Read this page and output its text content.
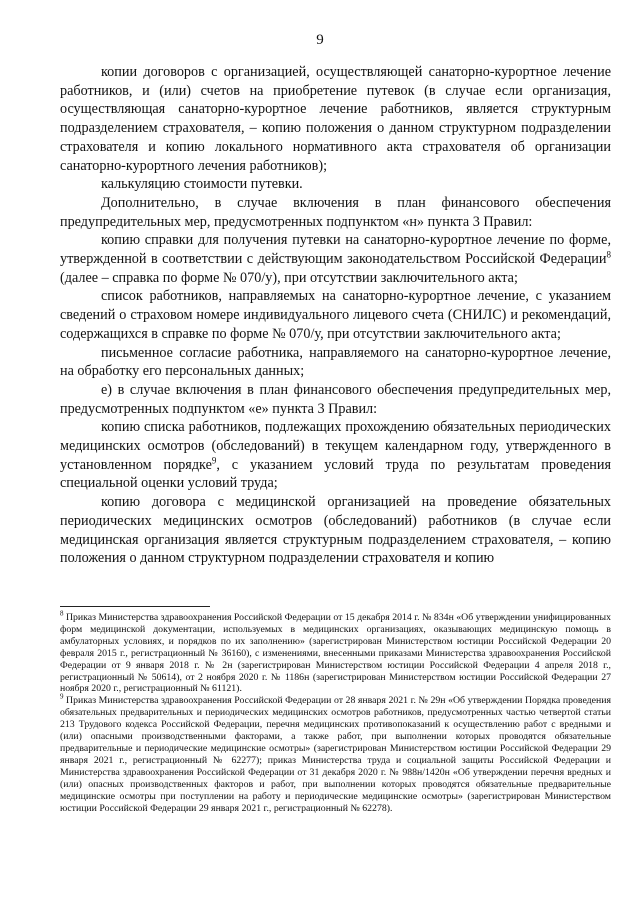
9

копии договоров с организацией, осуществляющей санаторно-курортное лечение работников, и (или) счетов на приобретение путевок (в случае если организация, осуществляющая санаторно-курортное лечение работников, является структурным подразделением страхователя, – копию положения о данном структурном подразделении страхователя и копию локального нормативного акта страхователя об организации санаторно-курортного лечения работников);

калькуляцию стоимости путевки.

Дополнительно, в случае включения в план финансового обеспечения предупредительных мер, предусмотренных подпунктом «н» пункта 3 Правил:

копию справки для получения путевки на санаторно-курортное лечение по форме, утвержденной в соответствии с действующим законодательством Российской Федерации$^8$ (далее – справка по форме № 070/у), при отсутствии заключительного акта;

список работников, направляемых на санаторно-курортное лечение, с указанием сведений о страховом номере индивидуального лицевого счета (СНИЛС) и рекомендаций, содержащихся в справке по форме № 070/у, при отсутствии заключительного акта;

письменное согласие работника, направляемого на санаторно-курортное лечение, на обработку его персональных данных;

е) в случае включения в план финансового обеспечения предупредительных мер, предусмотренных подпунктом «е» пункта 3 Правил:

копию списка работников, подлежащих прохождению обязательных периодических медицинских осмотров (обследований) в текущем календарном году, утвержденного в установленном порядке$^9$, с указанием условий труда по результатам проведения специальной оценки условий труда;

копию договора с медицинской организацией на проведение обязательных периодических медицинских осмотров (обследований) работников (в случае если медицинская организация является структурным подразделением страхователя, – копию положения о данном структурном подразделении страхователя и копию

$^8$ Приказ Министерства здравоохранения Российской Федерации от 15 декабря 2014 г. № 834н «Об утверждении унифицированных форм медицинской документации, используемых в медицинских организациях, оказывающих медицинскую помощь в амбулаторных условиях, и порядков по их заполнению» (зарегистрирован Министерством юстиции Российской Федерации 20 февраля 2015 г., регистрационный № 36160), с изменениями, внесенными приказами Министерства здравоохранения Российской Федерации от 9 января 2018 г. № 2н (зарегистрирован Министерством юстиции Российской Федерации 4 апреля 2018 г., регистрационный № 50614), от 2 ноября 2020 г. № 1186н (зарегистрирован Министерством юстиции Российской Федерации 27 ноября 2020 г., регистрационный № 61121).

$^9$ Приказ Министерства здравоохранения Российской Федерации от 28 января 2021 г. № 29н «Об утверждении Порядка проведения обязательных предварительных и периодических медицинских осмотров работников, предусмотренных частью четвертой статьи 213 Трудового кодекса Российской Федерации, перечня медицинских противопоказаний к осуществлению работ с вредными и (или) опасными производственными факторами, а также работ, при выполнении которых проводятся обязательные предварительные и периодические медицинские осмотры» (зарегистрирован Министерством юстиции Российской Федерации 29 января 2021 г., регистрационный № 62277); приказ Министерства труда и социальной защиты Российской Федерации и Министерства здравоохранения Российской Федерации от 31 декабря 2020 г. № 988н/1420н «Об утверждении перечня вредных и (или) опасных производственных факторов и работ, при выполнении которых проводятся обязательные предварительные медицинские осмотры при поступлении на работу и периодические медицинские осмотры» (зарегистрирован Министерством юстиции Российской Федерации 29 января 2021 г., регистрационный № 62278).
